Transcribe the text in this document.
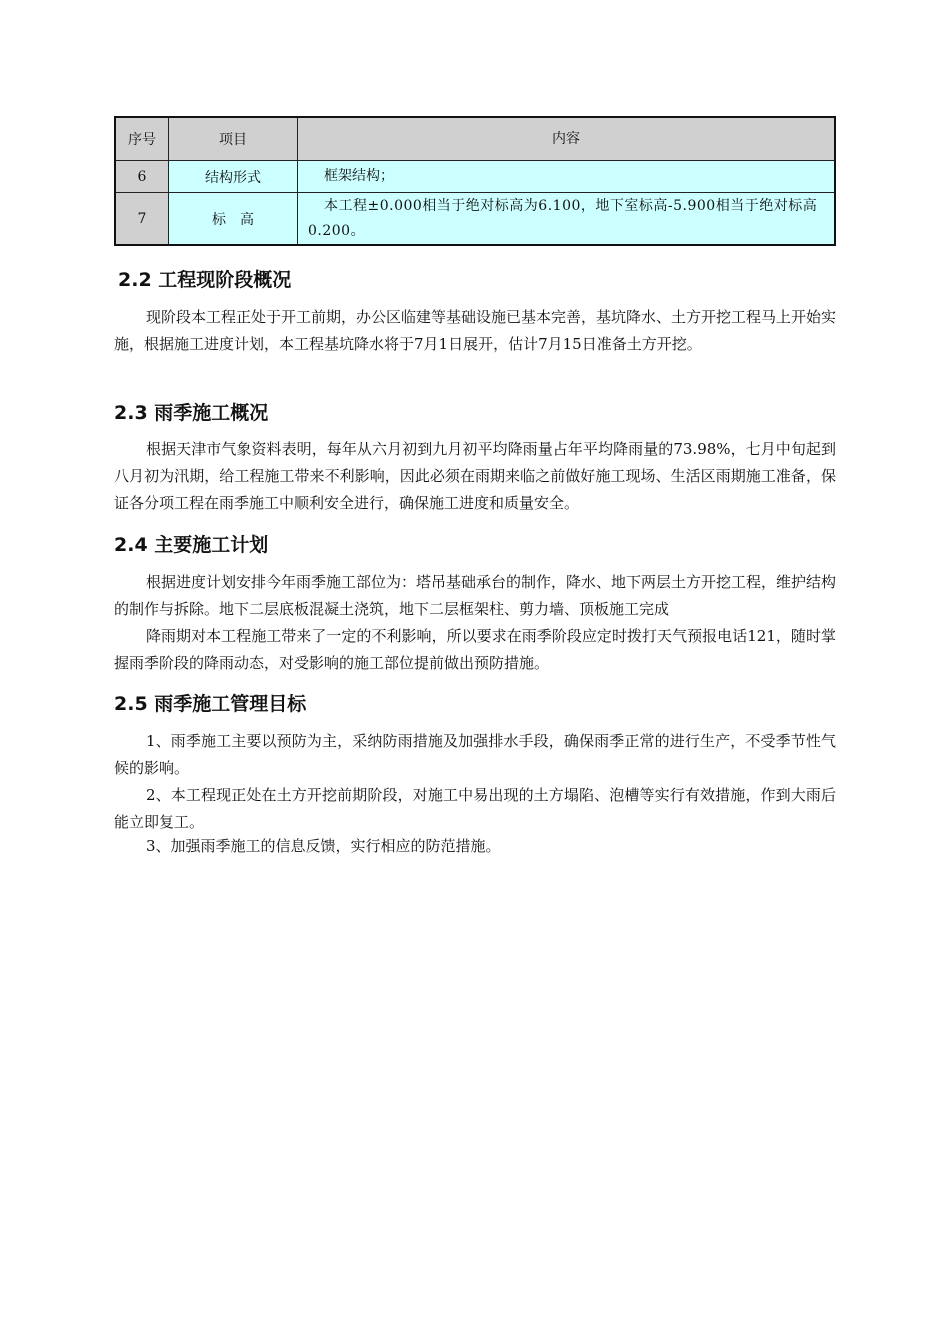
序号	项目	内容
6	结构形式	框架结构；
7	标　高	本工程±0.000相当于绝对标高为6.100，地下室标高-5.900相当于绝对标高0.200。
2.2 工程现阶段概况

现阶段本工程正处于开工前期，办公区临建等基础设施已基本完善，基坑降水、土方开挖工程马上开始实施，根据施工进度计划，本工程基坑降水将于7月1日展开，估计7月15日准备土方开挖。

2.3 雨季施工概况

根据天津市气象资料表明，每年从六月初到九月初平均降雨量占年平均降雨量的73.98%，七月中旬起到八月初为汛期，给工程施工带来不利影响，因此必须在雨期来临之前做好施工现场、生活区雨期施工准备，保证各分项工程在雨季施工中顺利安全进行，确保施工进度和质量安全。

2.4 主要施工计划

根据进度计划安排今年雨季施工部位为：塔吊基础承台的制作，降水、地下两层土方开挖工程，维护结构的制作与拆除。地下二层底板混凝土浇筑，地下二层框架柱、剪力墙、顶板施工完成

降雨期对本工程施工带来了一定的不利影响，所以要求在雨季阶段应定时拨打天气预报电话121，随时掌握雨季阶段的降雨动态，对受影响的施工部位提前做出预防措施。

2.5 雨季施工管理目标

1、雨季施工主要以预防为主，采纳防雨措施及加强排水手段，确保雨季正常的进行生产，不受季节性气候的影响。

2、本工程现正处在土方开挖前期阶段，对施工中易出现的土方塌陷、泡槽等实行有效措施，作到大雨后能立即复工。

3、加强雨季施工的信息反馈，实行相应的防范措施。
